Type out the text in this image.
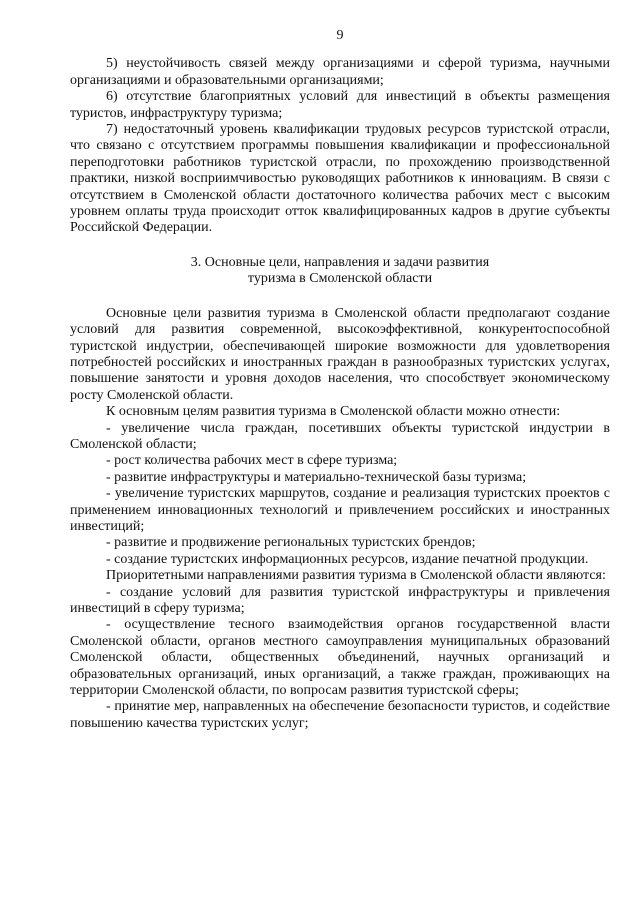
9

5) неустойчивость связей между организациями и сферой туризма, научными организациями и образовательными организациями;

6) отсутствие благоприятных условий для инвестиций в объекты размещения туристов, инфраструктуру туризма;

7) недостаточный уровень квалификации трудовых ресурсов туристской отрасли, что связано с отсутствием программы повышения квалификации и профессиональной переподготовки работников туристской отрасли, по прохождению производственной практики, низкой восприимчивостью руководящих работников к инновациям. В связи с отсутствием в Смоленской области достаточного количества рабочих мест с высоким уровнем оплаты труда происходит отток квалифицированных кадров в другие субъекты Российской Федерации.

3. Основные цели, направления и задачи развития
туризма в Смоленской области

Основные цели развития туризма в Смоленской области предполагают создание условий для развития современной, высокоэффективной, конкурентоспособной туристской индустрии, обеспечивающей широкие возможности для удовлетворения потребностей российских и иностранных граждан в разнообразных туристских услугах, повышение занятости и уровня доходов населения, что способствует экономическому росту Смоленской области.

К основным целям развития туризма в Смоленской области можно отнести:

- увеличение числа граждан, посетивших объекты туристской индустрии в Смоленской области;

- рост количества рабочих мест в сфере туризма;

- развитие инфраструктуры и материально-технической базы туризма;

- увеличение туристских маршрутов, создание и реализация туристских проектов с применением инновационных технологий и привлечением российских и иностранных инвестиций;

- развитие и продвижение региональных туристских брендов;

- создание туристских информационных ресурсов, издание печатной продукции.

Приоритетными направлениями развития туризма в Смоленской области являются:

- создание условий для развития туристской инфраструктуры и привлечения инвестиций в сферу туризма;

- осуществление тесного взаимодействия органов государственной власти Смоленской области, органов местного самоуправления муниципальных образований Смоленской области, общественных объединений, научных организаций и образовательных организаций, иных организаций, а также граждан, проживающих на территории Смоленской области, по вопросам развития туристской сферы;

- принятие мер, направленных на обеспечение безопасности туристов, и содействие повышению качества туристских услуг;
